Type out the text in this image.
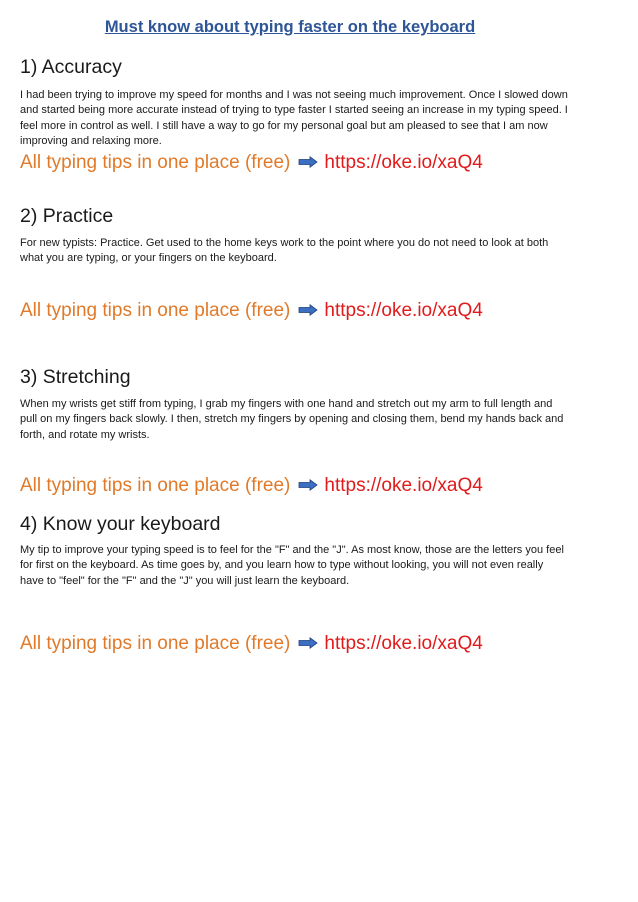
Must know about typing faster on the keyboard
1) Accuracy
I had been trying to improve my speed for months and I was not seeing much improvement. Once I slowed down and started being more accurate instead of trying to type faster I started seeing an increase in my typing speed. I feel more in control as well. I still have a way to go for my personal goal but am pleased to see that I am now improving and relaxing more.
All typing tips in one place (free) https://oke.io/xaQ4
2) Practice
For new typists: Practice. Get used to the home keys work to the point where you do not need to look at both what you are typing, or your fingers on the keyboard.
All typing tips in one place (free) https://oke.io/xaQ4
3) Stretching
When my wrists get stiff from typing, I grab my fingers with one hand and stretch out my arm to full length and pull on my fingers back slowly. I then, stretch my fingers by opening and closing them, bend my hands back and forth, and rotate my wrists.
All typing tips in one place (free) https://oke.io/xaQ4
4) Know your keyboard
My tip to improve your typing speed is to feel for the "F" and the "J". As most know, those are the letters you feel for first on the keyboard. As time goes by, and you learn how to type without looking, you will not even really have to "feel" for the "F" and the "J" you will just learn the keyboard.
All typing tips in one place (free) https://oke.io/xaQ4
